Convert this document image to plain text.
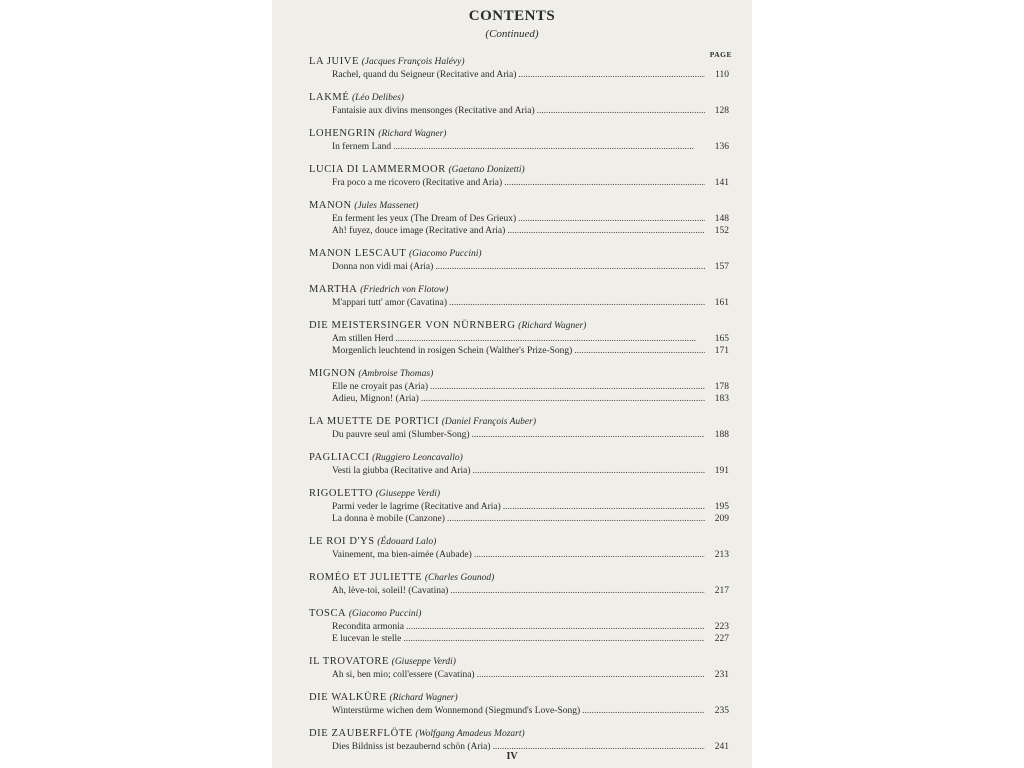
CONTENTS
(Continued)
PAGE
LA JUIVE (Jacques François Halévy)
Rachel, quand du Seigneur (Recitative and Aria) . . .	110
LAKMÉ (Léo Delibes)
Fantaisie aux divins mensonges (Recitative and Aria) . . .	128
LOHENGRIN (Richard Wagner)
In fernem Land . . .	136
LUCIA DI LAMMERMOOR (Gaetano Donizetti)
Fra poco a me ricovero (Recitative and Aria) . . .	141
MANON (Jules Massenet)
En ferment les yeux (The Dream of Des Grieux) . . .	148
Ah! fuyez, douce image (Recitative and Aria) . . .	152
MANON LESCAUT (Giacomo Puccini)
Donna non vidi mai (Aria) . . .	157
MARTHA (Friedrich von Flotow)
M'appari tutt' amor (Cavatina) . . .	161
DIE MEISTERSINGER VON NÜRNBERG (Richard Wagner)
Am stillen Herd . . .	165
Morgenlich leuchtend in rosigen Schein (Walther's Prize-Song) . . .	171
MIGNON (Ambroise Thomas)
Elle ne croyait pas (Aria) . . .	178
Adieu, Mignon! (Aria) . . .	183
LA MUETTE DE PORTICI (Daniel François Auber)
Du pauvre seul ami (Slumber-Song) . . .	188
PAGLIACCI (Ruggiero Leoncavallo)
Vesti la giubba (Recitative and Aria) . . .	191
RIGOLETTO (Giuseppe Verdi)
Parmi veder le lagrime (Recitative and Aria) . . .	195
La donna è mobile (Canzone) . . .	209
LE ROI D'YS (Édouard Lalo)
Vainement, ma bien-aimée (Aubade) . . .	213
ROMÉO ET JULIETTE (Charles Gounod)
Ah, lève-toi, soleil! (Cavatina) . . .	217
TOSCA (Giacomo Puccini)
Recondita armonia . . .	223
E lucevan le stelle . . .	227
IL TROVATORE (Giuseppe Verdi)
Ah sì, ben mio; coll'essere (Cavatina) . . .	231
DIE WALKÜRE (Richard Wagner)
Winterstürme wichen dem Wonnemond (Siegmund's Love-Song) . . .	235
DIE ZAUBERFLÖTE (Wolfgang Amadeus Mozart)
Dies Bildniss ist bezaubernd schön (Aria) . . .	241
IV
